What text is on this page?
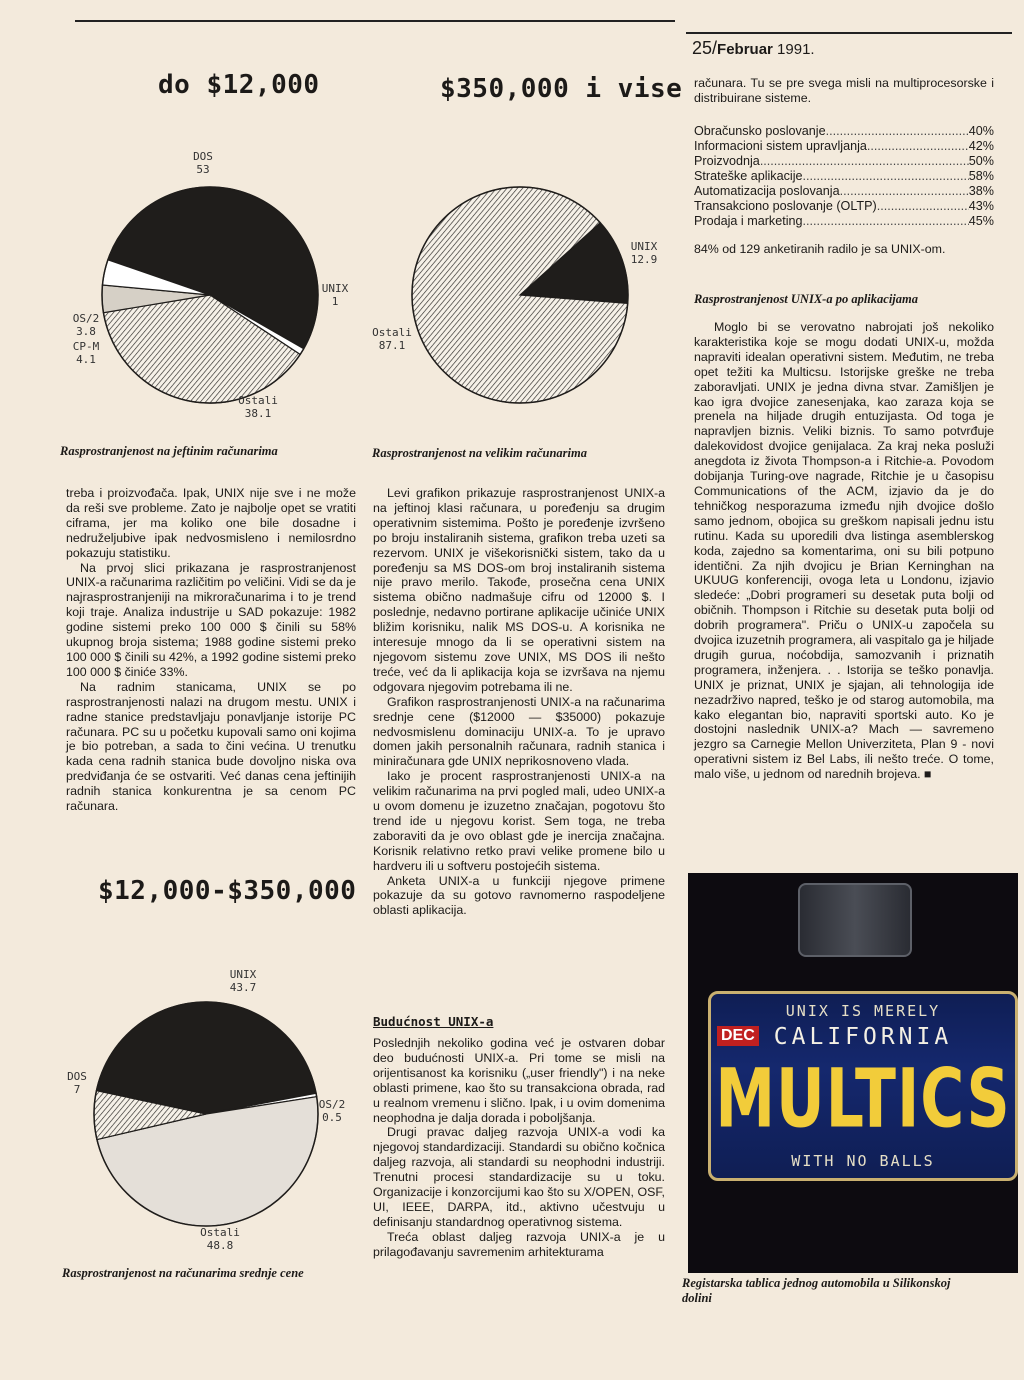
25/Februar 1991.
do $12,000	$350,000 i vise
$12,000-$350,000
DOS
53
UNIX
1
OS/2
3.8
CP-M
4.1
Ostali
38.1
Rasprostranjenost na jeftinim računarima
UNIX
12.9
Ostali
87.1
Rasprostranjenost na velikim računarima
UNIX
43.7
DOS
7
OS/2
0.5
Ostali
48.8
Rasprostranjenost na računarima srednje cene

treba i proizvođača. Ipak, UNIX nije sve i ne može da reši sve probleme. Zato je najbolje opet se vratiti ciframa, jer ma koliko one bile dosadne i nedruželjubive ipak nedvosmisleno i nemilosrdno pokazuju statistiku.

Na prvoj slici prikazana je rasprostranjenost UNIX-a računarima različitim po veličini. Vidi se da je najrasprostranjeniji na mikroračunarima i to je trend koji traje. Analiza industrije u SAD pokazuje: 1982 godine sistemi preko 100 000 $ činili su 58% ukupnog broja sistema; 1988 godine sistemi preko 100 000 $ činili su 42%, a 1992 godine sistemi preko 100 000 $ činiće 33%.

Na radnim stanicama, UNIX se po rasprostranjenosti nalazi na drugom mestu. UNIX i radne stanice predstavljaju ponavljanje istorije PC računara. PC su u početku kupovali samo oni kojima je bio potreban, a sada to čini većina. U trenutku kada cena radnih stanica bude dovoljno niska ova predviđanja će se ostvariti. Već danas cena jeftinijih radnih stanica konkurentna je sa cenom PC računara.

Levi grafikon prikazuje rasprostranjenost UNIX-a na jeftinoj klasi računara, u poređenju sa drugim operativnim sistemima. Pošto je poređenje izvršeno po broju instaliranih sistema, grafikon treba uzeti sa rezervom. UNIX je višekorisnički sistem, tako da u poređenju sa MS DOS-om broj instaliranih sistema nije pravo merilo. Takođe, prosečna cena UNIX sistema obično nadmašuje cifru od 12000 $. I poslednje, nedavno portirane aplikacije učiniće UNIX bližim korisniku, nalik MS DOS-u. A korisnika ne interesuje mnogo da li se operativni sistem na njegovom sistemu zove UNIX, MS DOS ili nešto treće, već da li aplikacija koja se izvršava na njemu odgovara njegovim potrebama ili ne.

Grafikon rasprostranjenosti UNIX-a na računarima srednje cene ($12000 — $35000) pokazuje nedvosmislenu dominaciju UNIX-a. To je upravo domen jakih personalnih računara, radnih stanica i miniračunara gde UNIX neprikosnoveno vlada.

Iako je procent rasprostranjenosti UNIX-a na velikim računarima na prvi pogled mali, udeo UNIX-a u ovom domenu je izuzetno značajan, pogotovu što trend ide u njegovu korist. Sem toga, ne treba zaboraviti da je ovo oblast gde je inercija značajna. Korisnik relativno retko pravi velike promene bilo u hardveru ili u softveru postojećih sistema.

Anketa UNIX-a u funkciji njegove primene pokazuje da su gotovo ravnomerno raspodeljene oblasti aplikacija.

Budućnost UNIX-a

Poslednjih nekoliko godina već je ostvaren dobar deo budućnosti UNIX-a. Pri tome se misli na orijentisanost ka korisniku („user friendly") i na neke oblasti primene, kao što su transakciona obrada, rad u realnom vremenu i slično. Ipak, i u ovim domenima neophodna je dalja dorada i poboljšanja.

Drugi pravac daljeg razvoja UNIX-a vodi ka njegovoj standardizaciji. Standardi su obično kočnica daljeg razvoja, ali standardi su neophodni industriji. Trenutni procesi standardizacije su u toku. Organizacije i konzorcijumi kao što su X/OPEN, OSF, UI, IEEE, DARPA, itd., aktivno učestvuju u definisanju standardnog operativnog sistema.

Treća oblast daljeg razvoja UNIX-a je u prilagođavanju savremenim arhitekturama

računara. Tu se pre svega misli na multiprocesorske i distribuirane sisteme.
Obračunsko poslovanje .....	40%
Informacioni sistem upravljanja .....	42%
Proizvodnja .....	50%
Strateške aplikacije .....	58%
Automatizacija poslovanja .....	38%
Transakciono poslovanje (OLTP) .....	43%
Prodaja i marketing .....	45%
84% od 129 anketiranih radilo je sa UNIX-om.
Rasprostranjenost UNIX-a po aplikacijama

Moglo bi se verovatno nabrojati još nekoliko karakteristika koje se mogu dodati UNIX-u, možda napraviti idealan operativni sistem. Međutim, ne treba opet težiti ka Multicsu. Istorijske greške ne treba zaboravljati. UNIX je jedna divna stvar. Zamišljen je kao igra dvojice zanesenjaka, kao zaraza koja se prenela na hiljade drugih entuzijasta. Od toga je napravljen biznis. Veliki biznis. To samo potvrđuje dalekovidost dvojice genijalaca. Za kraj neka posluži anegdota iz života Thompson-a i Ritchie-a. Povodom dobijanja Turing-ove nagrade, Ritchie je u časopisu Communications of the ACM, izjavio da je do tehničkog nesporazuma između njih dvojice došlo samo jednom, obojica su greškom napisali jednu istu rutinu. Kada su uporedili dva listinga asemblerskog koda, zajedno sa komentarima, oni su bili potpuno identični. Za njih dvojicu je Brian Kerninghan na UKUUG konferenciji, ovoga leta u Londonu, izjavio sledeće: „Dobri programeri su desetak puta bolji od običnih. Thompson i Ritchie su desetak puta bolji od dobrih programera". Priču o UNIX-u započela su dvojica izuzetnih programera, ali vaspitalo ga je hiljade drugih gurua, noćobdija, samozvanih i priznatih programera, inženjera. . . Istorija se teško ponavlja. UNIX je priznat, UNIX je sjajan, ali tehnologija ide nezadrživo napred, teško je od starog automobila, ma kako elegantan bio, napraviti sportski auto. Ko je dostojni naslednik UNIX-a? Mach — savremeno jezgro sa Carnegie Mellon Univerziteta, Plan 9 - novi operativni sistem iz Bel Labs, ili nešto treće. O tome, malo više, u jednom od narednih brojeva. ■

UNIX IS MERELY
DEC CALIFORNIA
MULTICS
WITH NO BALLS
Registarska tablica jednog automobila u Silikonskoj dolini
